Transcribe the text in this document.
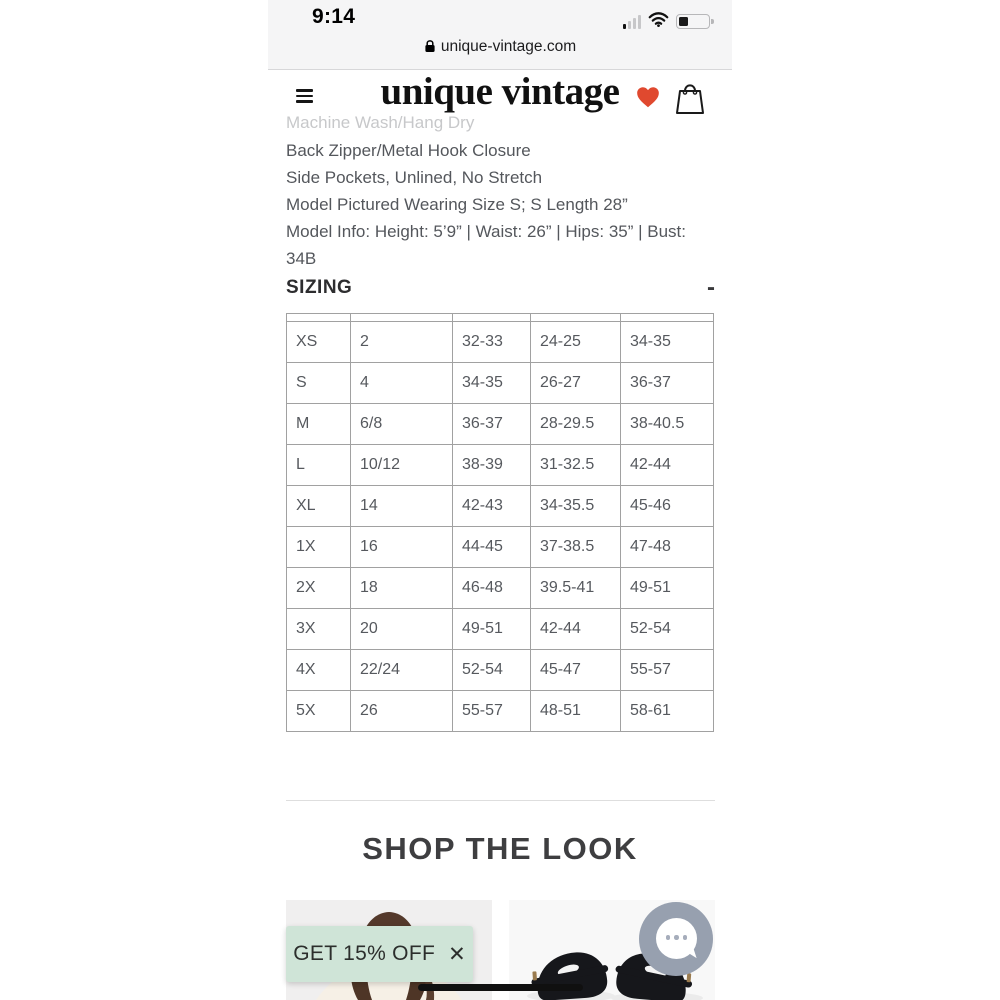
9:14
unique-vintage.com
unique vintage
Machine Wash/Hang Dry
Back Zipper/Metal Hook Closure
Side Pockets, Unlined, No Stretch
Model Pictured Wearing Size S; S Length 28”
Model Info: Height: 5’9” | Waist: 26” | Hips: 35” | Bust: 34B
SIZING	-

XS	2	32-33	24-25	34-35
S	4	34-35	26-27	36-37
M	6/8	36-37	28-29.5	38-40.5
L	10/12	38-39	31-32.5	42-44
XL	14	42-43	34-35.5	45-46
1X	16	44-45	37-38.5	47-48
2X	18	46-48	39.5-41	49-51
3X	20	49-51	42-44	52-54
4X	22/24	52-54	45-47	55-57
5X	26	55-57	48-51	58-61
SHOP THE LOOK
GET 15% OFF ✕
